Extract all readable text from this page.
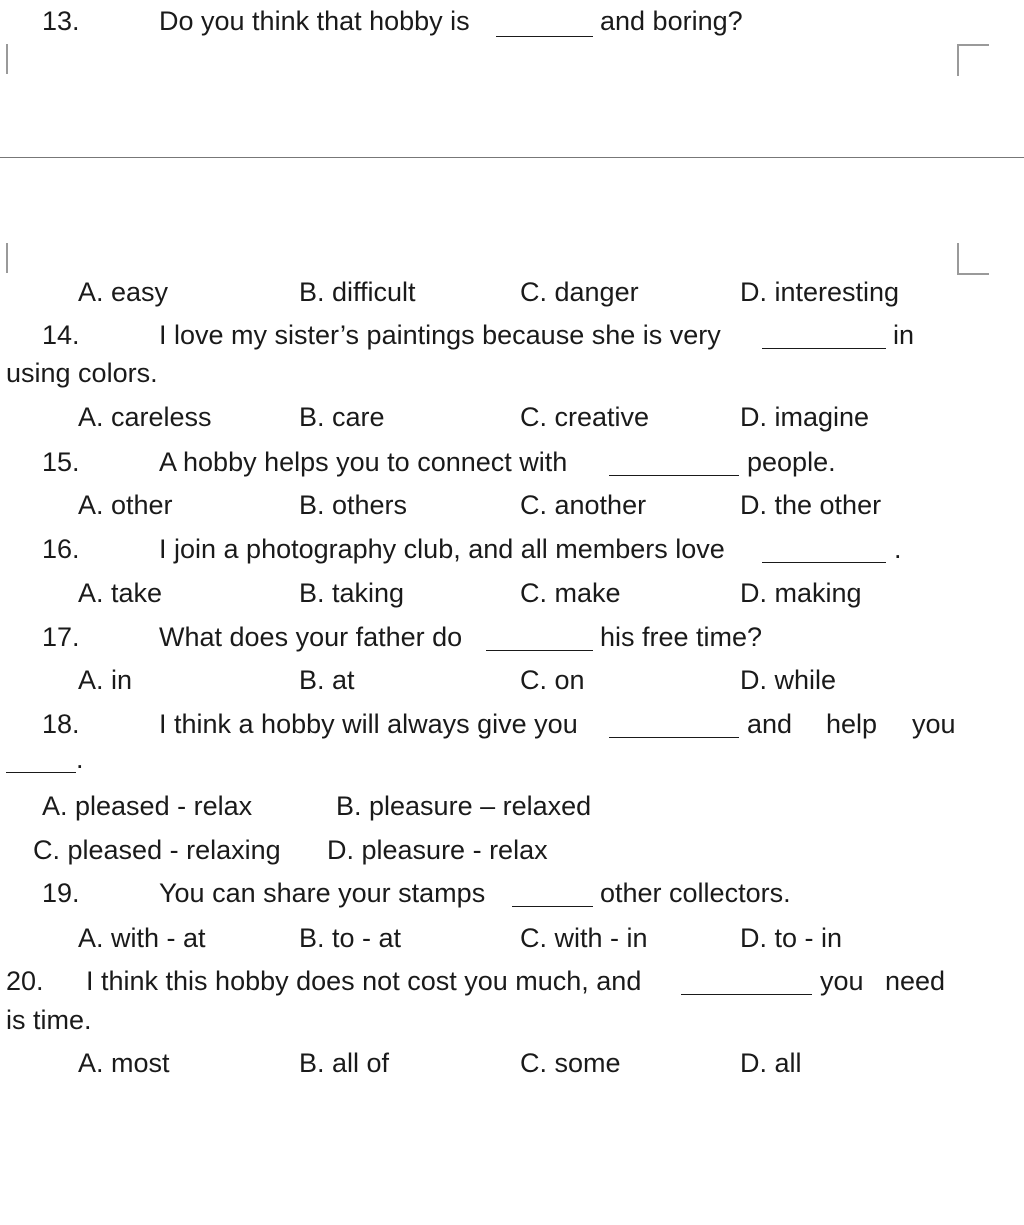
13.	Do you think that hobby is	and boring?
A. easy	B. difficult	C. danger	D. interesting
14.	I love my sister’s paintings because she is very	in
using colors.
A. careless	B. care	C. creative	D. imagine
15.	A hobby helps you to connect with	people.
A. other	B. others	C. another	D. the other
16.	I join a photography club, and all members love	.
A. take	B. taking	C. make	D. making
17.	What does your father do	his free time?
A. in	B. at	C. on	D. while
18.	I think a hobby will always give you	and help you
.
A. pleased - relax	B. pleasure – relaxed
C. pleased - relaxing D. pleasure - relax
19.	You can share your stamps	other collectors.
A. with - at	B. to - at	C. with - in	D. to - in
20. I think this hobby does not cost you much, and	you need
is time.
A. most	B. all of	C. some	D. all
